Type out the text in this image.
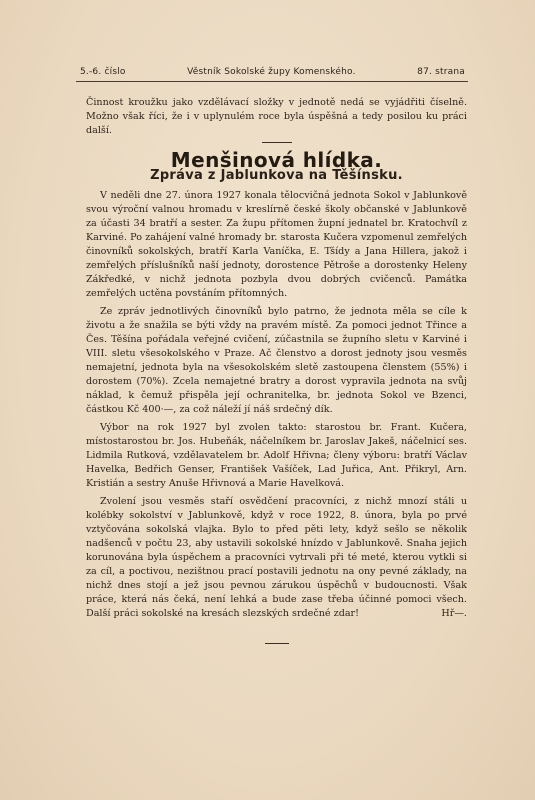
5.-6. číslo	Věstník Sokolské župy Komenského.	87. strana

Činnost kroužku jako vzdělávací složky v jednotě nedá se vyjádřiti číselně. Možno však říci, že i v uplynulém roce byla úspěšná a tedy posilou ku práci další.

Menšinová hlídka.
Zpráva z Jablunkova na Těšínsku.

V neděli dne 27. února 1927 konala tělocvičná jednota Sokol v Jablunkově svou výroční valnou hromadu v kreslírně české školy občanské v Jablunkově za účasti 34 bratří a sester. Za župu přítomen župní jednatel br. Kratochvíl z Karviné. Po zahájení valné hromady br. starosta Kučera vzpomenul zemřelých činovníků sokolských, bratří Karla Vaníčka, E. Tšídy a Jana Hillera, jakož i zemřelých příslušníků naší jednoty, dorostence Pětroše a dorostenky Heleny Zákředké, v nichž jednota pozbyla dvou dobrých cvičenců. Památka zemřelých uctěna povstáním přítomných.

Ze zpráv jednotlivých činovníků bylo patrno, že jednota měla se cíle k životu a že snažila se býti vždy na pravém místě. Za pomoci jednot Třince a Čes. Těšína pořádala veřejné cvičení, zúčastnila se župního sletu v Karviné i VIII. sletu všesokolského v Praze. Ač členstvo a dorost jednoty jsou vesměs nemajetní, jednota byla na všesokolském sletě zastoupena členstem (55%) i dorostem (70%). Zcela nemajetné bratry a dorost vypravila jednota na svůj náklad, k čemuž přispěla její ochranitelka, br. jednota Sokol ve Bzenci, částkou Kč 400·—, za což náleží jí náš srdečný dík.

Výbor na rok 1927 byl zvolen takto: starostou br. Frant. Kučera, místostarostou br. Jos. Hubeňák, náčelníkem br. Jaroslav Jakeš, náčelnicí ses. Lidmila Rutková, vzdělavatelem br. Adolf Hřivna; členy výboru: bratří Václav Havelka, Bedřich Genser, František Vašíček, Lad Juřica, Ant. Přikryl, Arn. Kristián a sestry Anuše Hřivnová a Marie Havelková.

Zvolení jsou vesměs staří osvědčení pracovníci, z nichž mnozí stáli u kolébky sokolství v Jablunkově, když v roce 1922, 8. února, byla po prvé vztyčována sokolská vlajka. Bylo to před pěti lety, když sešlo se několik nadšenců v počtu 23, aby ustavili sokolské hnízdo v Jablunkově. Snaha jejich korunována byla úspěchem a pracovníci vytrvali při té meté, kterou vytkli si za cíl, a poctivou, nezištnou prací postavili jednotu na ony pevné základy, na nichž dnes stojí a jež jsou pevnou zárukou úspěchů v budoucnosti. Však práce, která nás čeká, není lehká a bude zase třeba účinné pomoci všech. Další práci sokolské na kresách slezských srdečné zdar!	Hř—.
